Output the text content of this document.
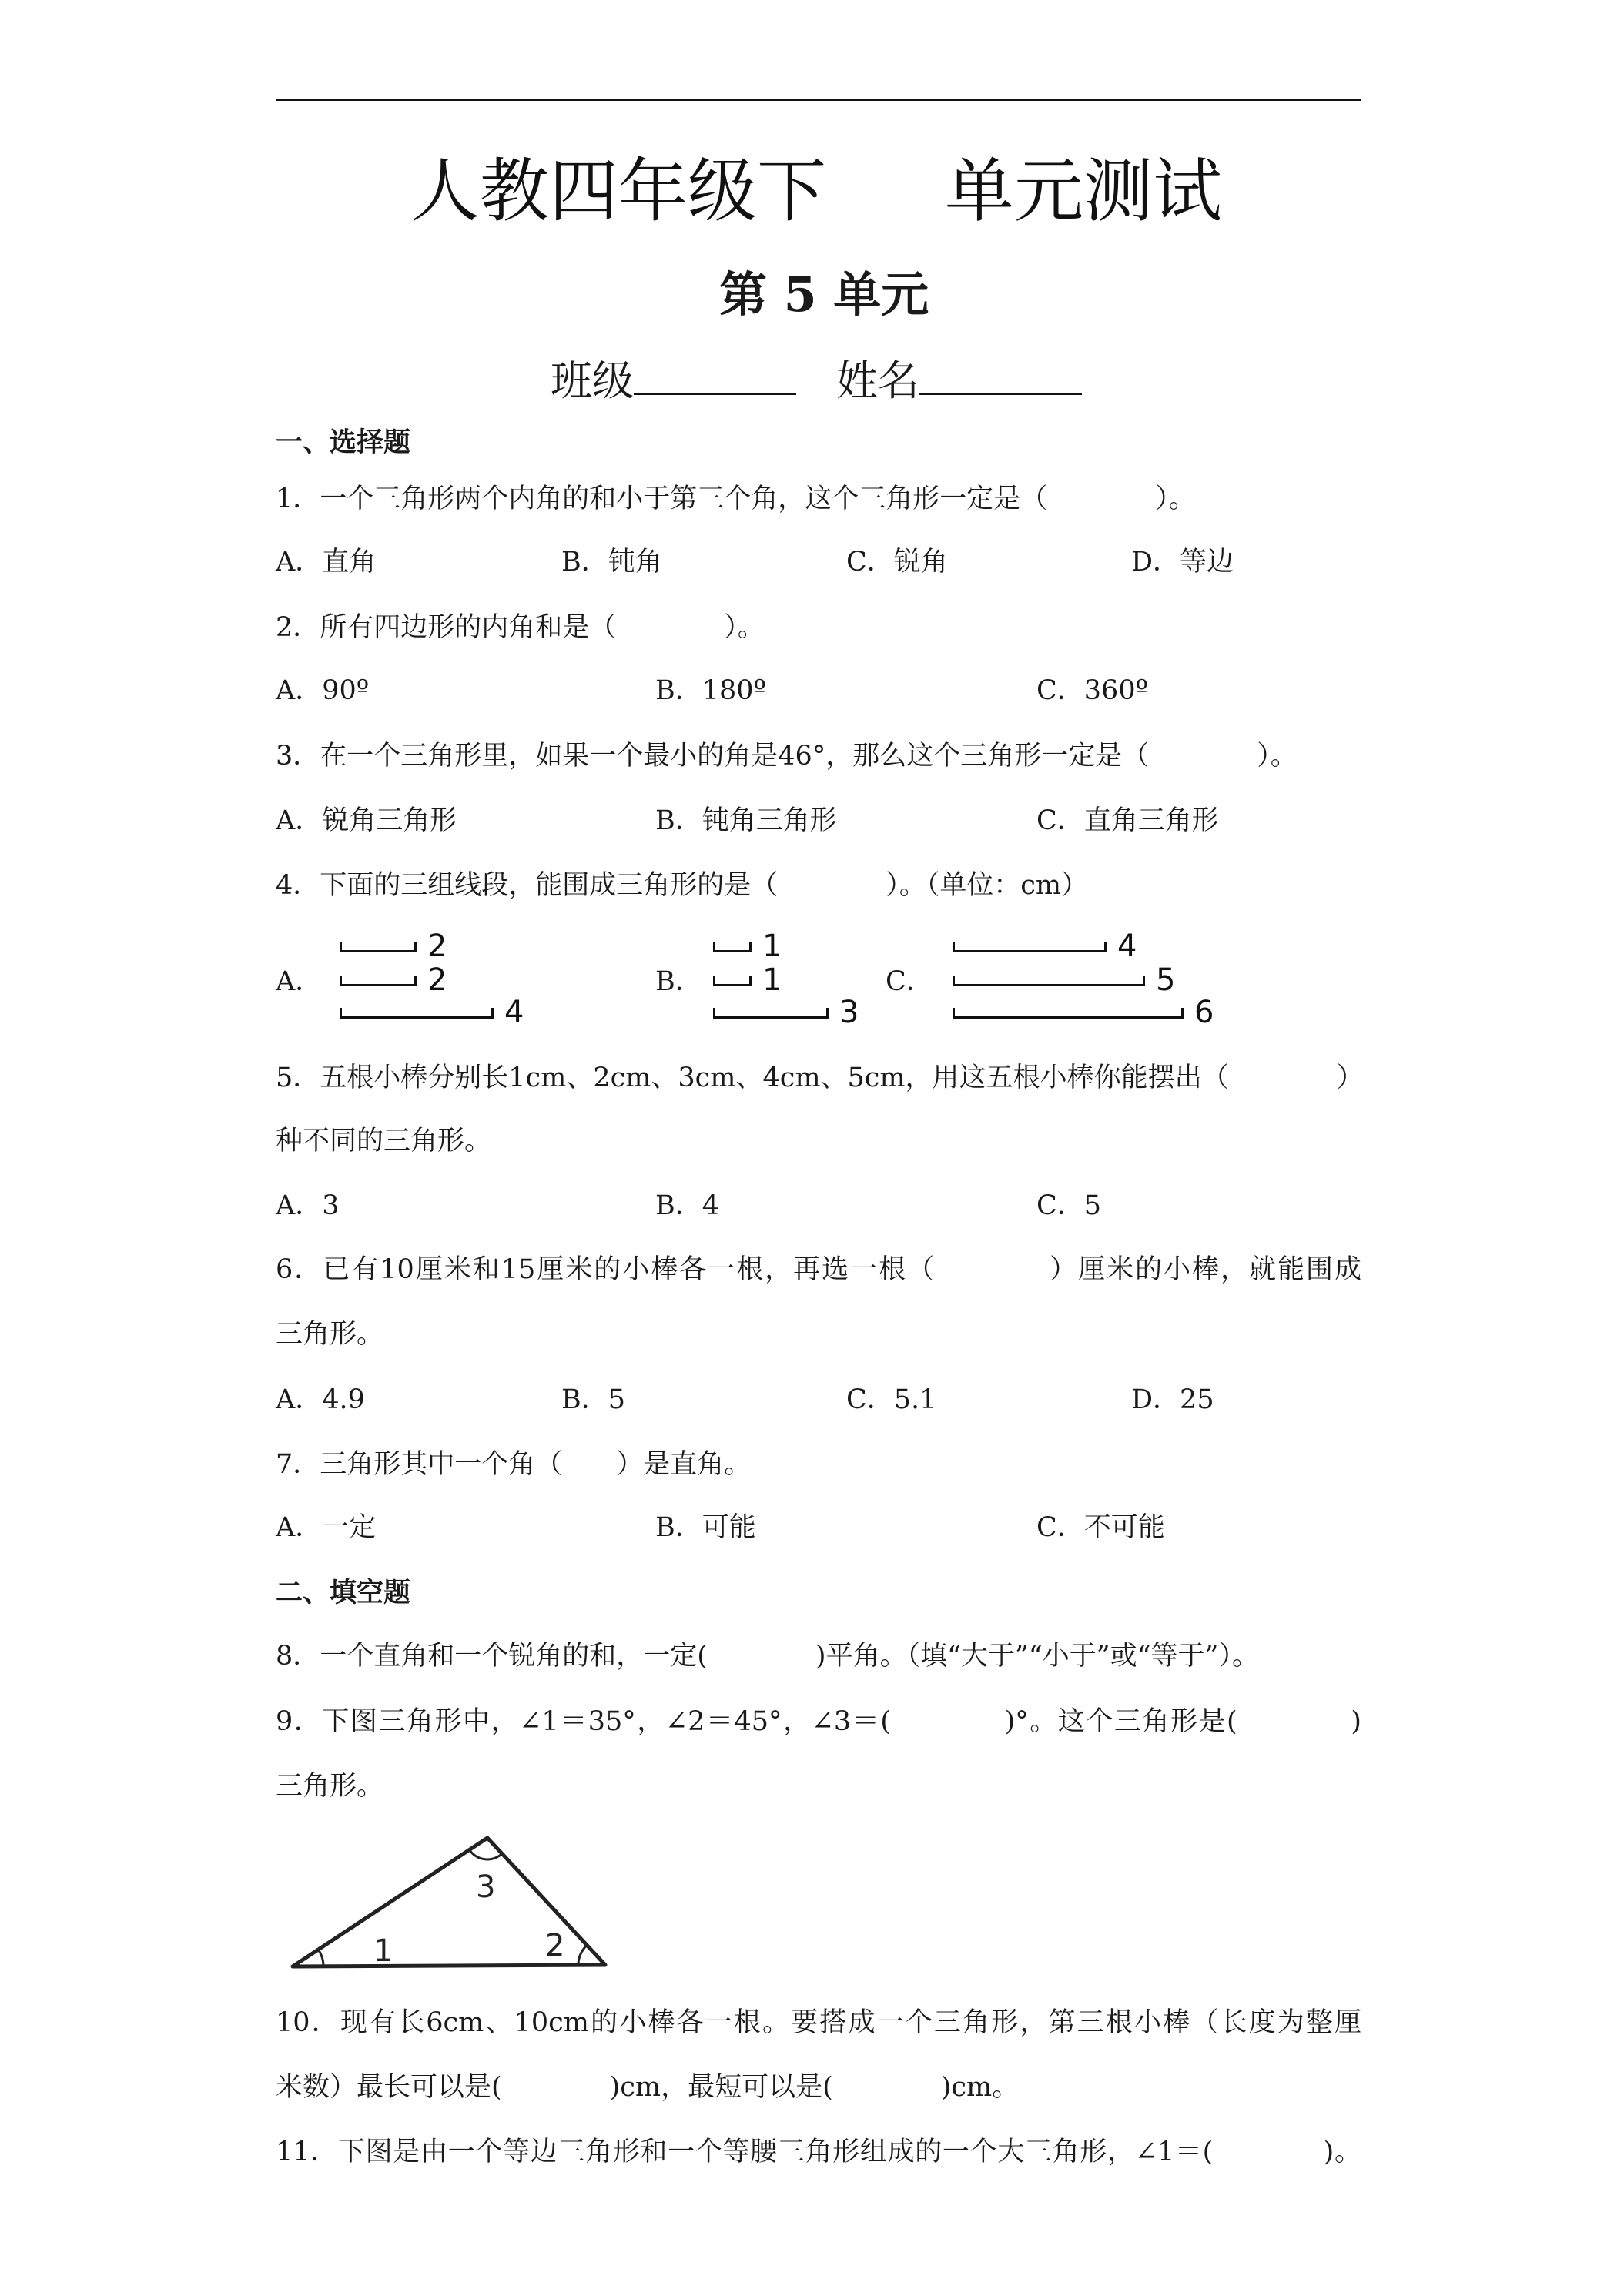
人教四年级下 单元测试
第 5 单元
班级	姓名
一、选择题
1．一个三角形两个内角的和小于第三个角，这个三角形一定是（　　　　）。
A．直角	B．钝角	C．锐角	D．等边
2．所有四边形的内角和是（　　　　）。
A．90º	B．180º	C．360º
3．在一个三角形里，如果一个最小的角是46°，那么这个三角形一定是（　　　　）。
A．锐角三角形	B．钝角三角形	C．直角三角形
4．下面的三组线段，能围成三角形的是（　　　　）。（单位：cm）
A．	B．	C．
2
2
4
1
1
3
4
5
6
5．五根小棒分别长1cm、2cm、3cm、4cm、5cm，用这五根小棒你能摆出（　　　　）
种不同的三角形。
A．3	B．4	C．5
6．已有10厘米和15厘米的小棒各一根，再选一根（　　　　）厘米的小棒，就能围成
三角形。
A．4.9	B．5	C．5.1	D．25
7．三角形其中一个角（　　）是直角。
A．一定	B．可能	C．不可能
二、填空题
8．一个直角和一个锐角的和，一定(　　　　)平角。（填“大于”“小于”或“等于”）。
9．下图三角形中，∠1＝35°，∠2＝45°，∠3＝(　　　　)°。这个三角形是(　　　　)
三角形。
1	2
3
10．现有长6cm、10cm的小棒各一根。要搭成一个三角形，第三根小棒（长度为整厘
米数）最长可以是(　　　　)cm，最短可以是(　　　　)cm。
11．下图是由一个等边三角形和一个等腰三角形组成的一个大三角形，∠1＝(　　　　)。
